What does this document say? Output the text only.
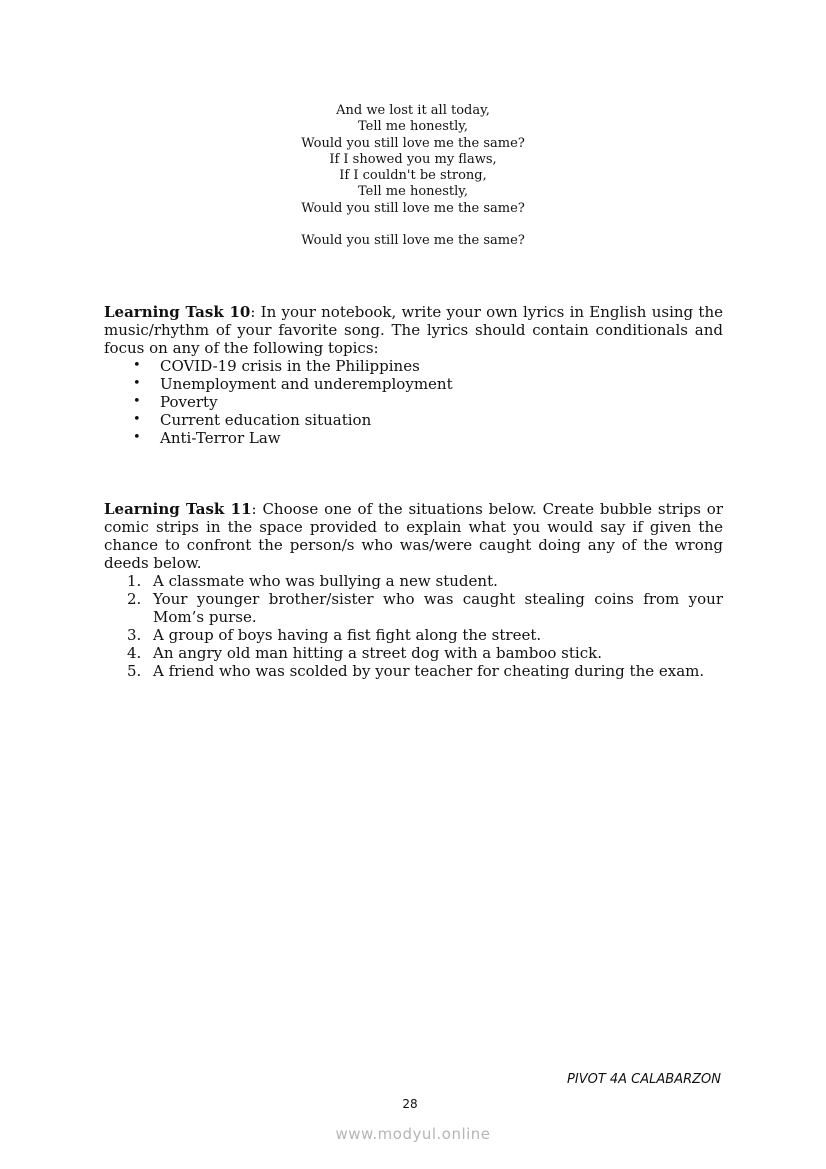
And we lost it all today,
Tell me honestly,
Would you still love me the same?
If I showed you my flaws,
If I couldn't be strong,
Tell me honestly,
Would you still love me the same?
Would you still love me the same?

Learning Task 10: In your notebook, write your own lyrics in English using the music/rhythm of your favorite song. The lyrics should contain conditionals and focus on any of the following topics:

• COVID-19 crisis in the Philippines
• Unemployment and underemployment
• Poverty
• Current education situation
• Anti-Terror Law

Learning Task 11: Choose one of the situations below. Create bubble strips or comic strips in the space provided to explain what you would say if given the chance to confront the person/s who was/were caught doing any of the wrong deeds below.

1. A classmate who was bullying a new student.
2. Your younger brother/sister who was caught stealing coins from your Mom’s purse.
3. A group of boys having a fist fight along the street.
4. An angry old man hitting a street dog with a bamboo stick.
5. A friend who was scolded by your teacher for cheating during the exam.
PIVOT 4A CALABARZON
28
www.modyul.online
